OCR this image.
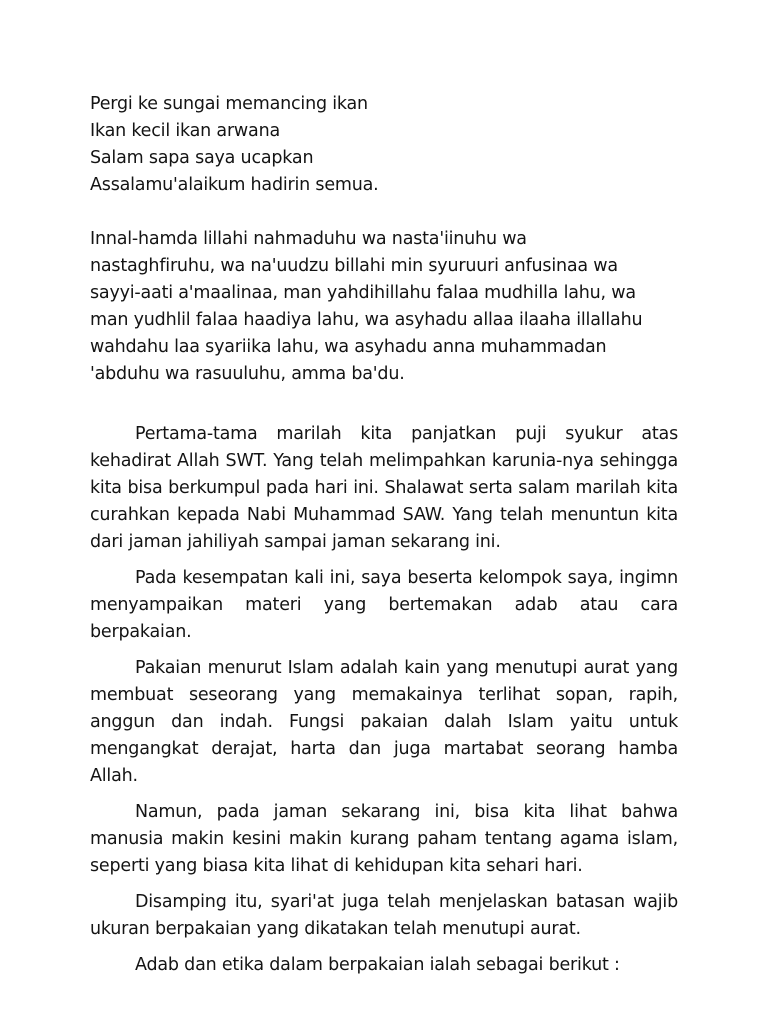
Pergi ke sungai memancing ikan
Ikan kecil ikan arwana
Salam sapa saya ucapkan
Assalamu'alaikum hadirin semua.
Innal-hamda lillahi nahmaduhu wa nasta'iinuhu wa
nastaghfiruhu, wa na'uudzu billahi min syuruuri anfusinaa wa
sayyi-aati a'maalinaa, man yahdihillahu falaa mudhilla lahu, wa
man yudhlil falaa haadiya lahu, wa asyhadu allaa ilaaha illallahu
wahdahu laa syariika lahu, wa asyhadu anna muhammadan
'abduhu wa rasuuluhu, amma ba'du.

Pertama-tama marilah kita panjatkan puji syukur atas kehadirat Allah SWT. Yang telah melimpahkan karunia-nya sehingga kita bisa berkumpul pada hari ini. Shalawat serta salam marilah kita curahkan kepada Nabi Muhammad SAW. Yang telah menuntun kita dari jaman jahiliyah sampai jaman sekarang ini.

Pada kesempatan kali ini, saya beserta kelompok saya, ingimn menyampaikan materi yang bertemakan adab atau cara berpakaian.

Pakaian menurut Islam adalah kain yang menutupi aurat yang membuat seseorang yang memakainya terlihat sopan, rapih, anggun dan indah. Fungsi pakaian dalah Islam yaitu untuk mengangkat derajat, harta dan juga martabat seorang hamba Allah.

Namun, pada jaman sekarang ini, bisa kita lihat bahwa manusia makin kesini makin kurang paham tentang agama islam, seperti yang biasa kita lihat di kehidupan kita sehari hari.

Disamping itu, syari'at juga telah menjelaskan batasan wajib ukuran berpakaian yang dikatakan telah menutupi aurat.

Adab dan etika dalam berpakaian ialah sebagai berikut :
